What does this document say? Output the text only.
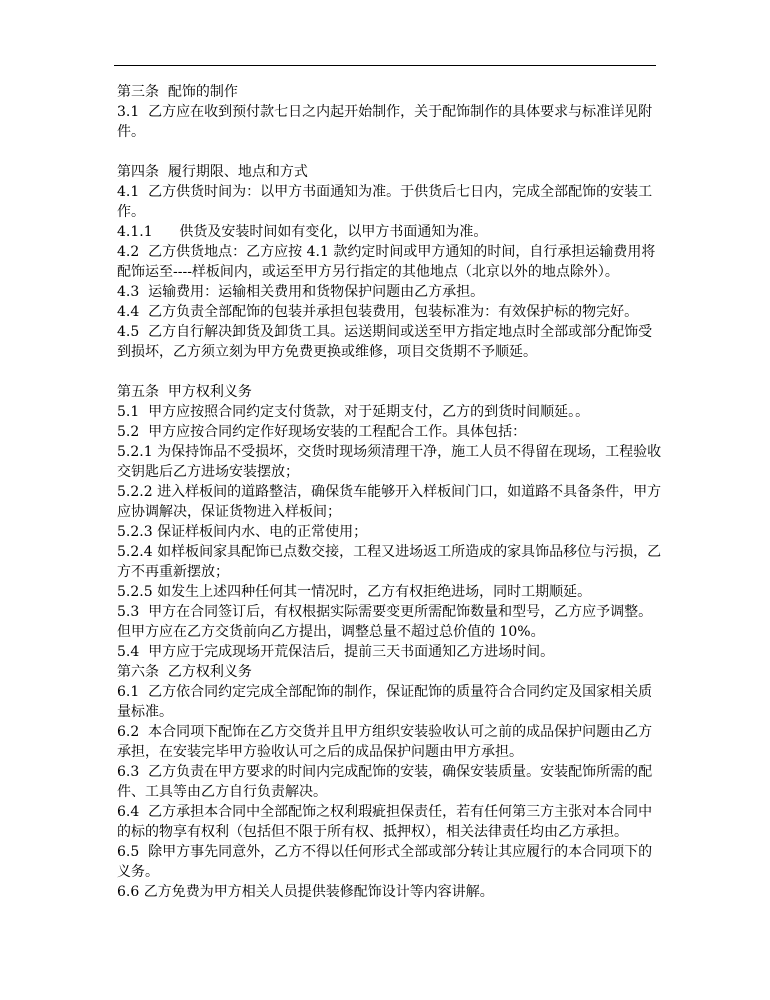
第三条  配饰的制作

3.1  乙方应在收到预付款七日之内起开始制作，关于配饰制作的具体要求与标准详见附件。

第四条  履行期限、地点和方式

4.1  乙方供货时间为：以甲方书面通知为准。于供货后七日内，完成全部配饰的安装工作。

4.1.1      供货及安装时间如有变化，以甲方书面通知为准。

4.2  乙方供货地点：乙方应按 4.1 款约定时间或甲方通知的时间，自行承担运输费用将配饰运至----样板间内，或运至甲方另行指定的其他地点（北京以外的地点除外）。

4.3  运输费用：运输相关费用和货物保护问题由乙方承担。

4.4  乙方负责全部配饰的包装并承担包装费用，包装标准为：有效保护标的物完好。

4.5  乙方自行解决卸货及卸货工具。运送期间或送至甲方指定地点时全部或部分配饰受到损坏，乙方须立刻为甲方免费更换或维修，项目交货期不予顺延。

第五条  甲方权利义务

5.1  甲方应按照合同约定支付货款，对于延期支付，乙方的到货时间顺延。。

5.2  甲方应按合同约定作好现场安装的工程配合工作。具体包括：

5.2.1 为保持饰品不受损坏，交货时现场须清理干净，施工人员不得留在现场，工程验收交钥匙后乙方进场安装摆放；

5.2.2 进入样板间的道路整洁，确保货车能够开入样板间门口，如道路不具备条件，甲方应协调解决，保证货物进入样板间；

5.2.3 保证样板间内水、电的正常使用；

5.2.4 如样板间家具配饰已点数交接，工程又进场返工所造成的家具饰品移位与污损，乙方不再重新摆放；

5.2.5 如发生上述四种任何其一情况时，乙方有权拒绝进场，同时工期顺延。

5.3  甲方在合同签订后，有权根据实际需要变更所需配饰数量和型号，乙方应予调整。但甲方应在乙方交货前向乙方提出，调整总量不超过总价值的 10%。

5.4  甲方应于完成现场开荒保洁后，提前三天书面通知乙方进场时间。

第六条  乙方权利义务

6.1  乙方依合同约定完成全部配饰的制作，保证配饰的质量符合合同约定及国家相关质量标准。

6.2  本合同项下配饰在乙方交货并且甲方组织安装验收认可之前的成品保护问题由乙方承担，在安装完毕甲方验收认可之后的成品保护问题由甲方承担。

6.3  乙方负责在甲方要求的时间内完成配饰的安装，确保安装质量。安装配饰所需的配件、工具等由乙方自行负责解决。

6.4  乙方承担本合同中全部配饰之权利瑕疵担保责任，若有任何第三方主张对本合同中的标的物享有权利（包括但不限于所有权、抵押权），相关法律责任均由乙方承担。

6.5  除甲方事先同意外，乙方不得以任何形式全部或部分转让其应履行的本合同项下的义务。

6.6 乙方免费为甲方相关人员提供装修配饰设计等内容讲解。
